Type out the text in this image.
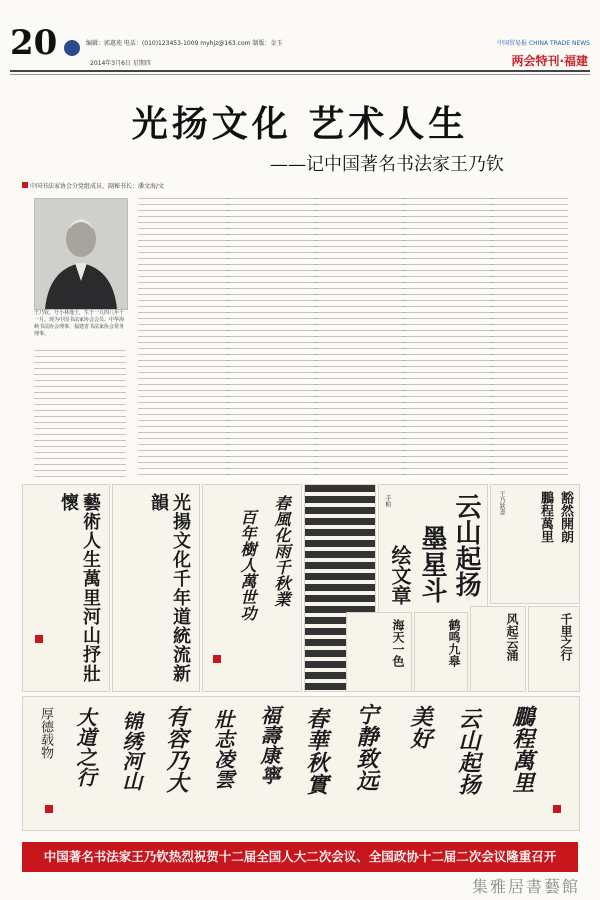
20	编辑：郭惠苑 电话：(010)123453-1009 myhjz@163.com 制版：金玉
2014年3月6日 星期四
中国贸易报 CHINA TRADE NEWS
两会特刊·福建
光扬文化 艺术人生
——记中国著名书法家王乃钦
中国书法家协会分党组成员、副秘书长：潘文海/文
王乃钦，号小林逸士，生于一九四八年十一月。现为中国书法家协会会员、中华海峡书法协会理事、福建省书法家协会常务理事。
藝術人生萬里河山抒壯懷	光揚文化千年道統流新韻	春風化雨千秋業
百年樹人萬世功	云山起扬
墨星斗
绘文章
手帕	豁然開朗
鵬程萬里
王乃欽書
海天一色	鹤鸣九皋	风起云涌	千里之行
厚德载物 大道之行 锦绣河山 有容乃大 壯志凌雲 福壽康寧 春華秋實 宁静致远 美好 云山起扬 鵬程萬里
中国著名书法家王乃钦热烈祝贺十二届全国人大二次会议、全国政协十二届二次会议隆重召开
集雅居書藝館
